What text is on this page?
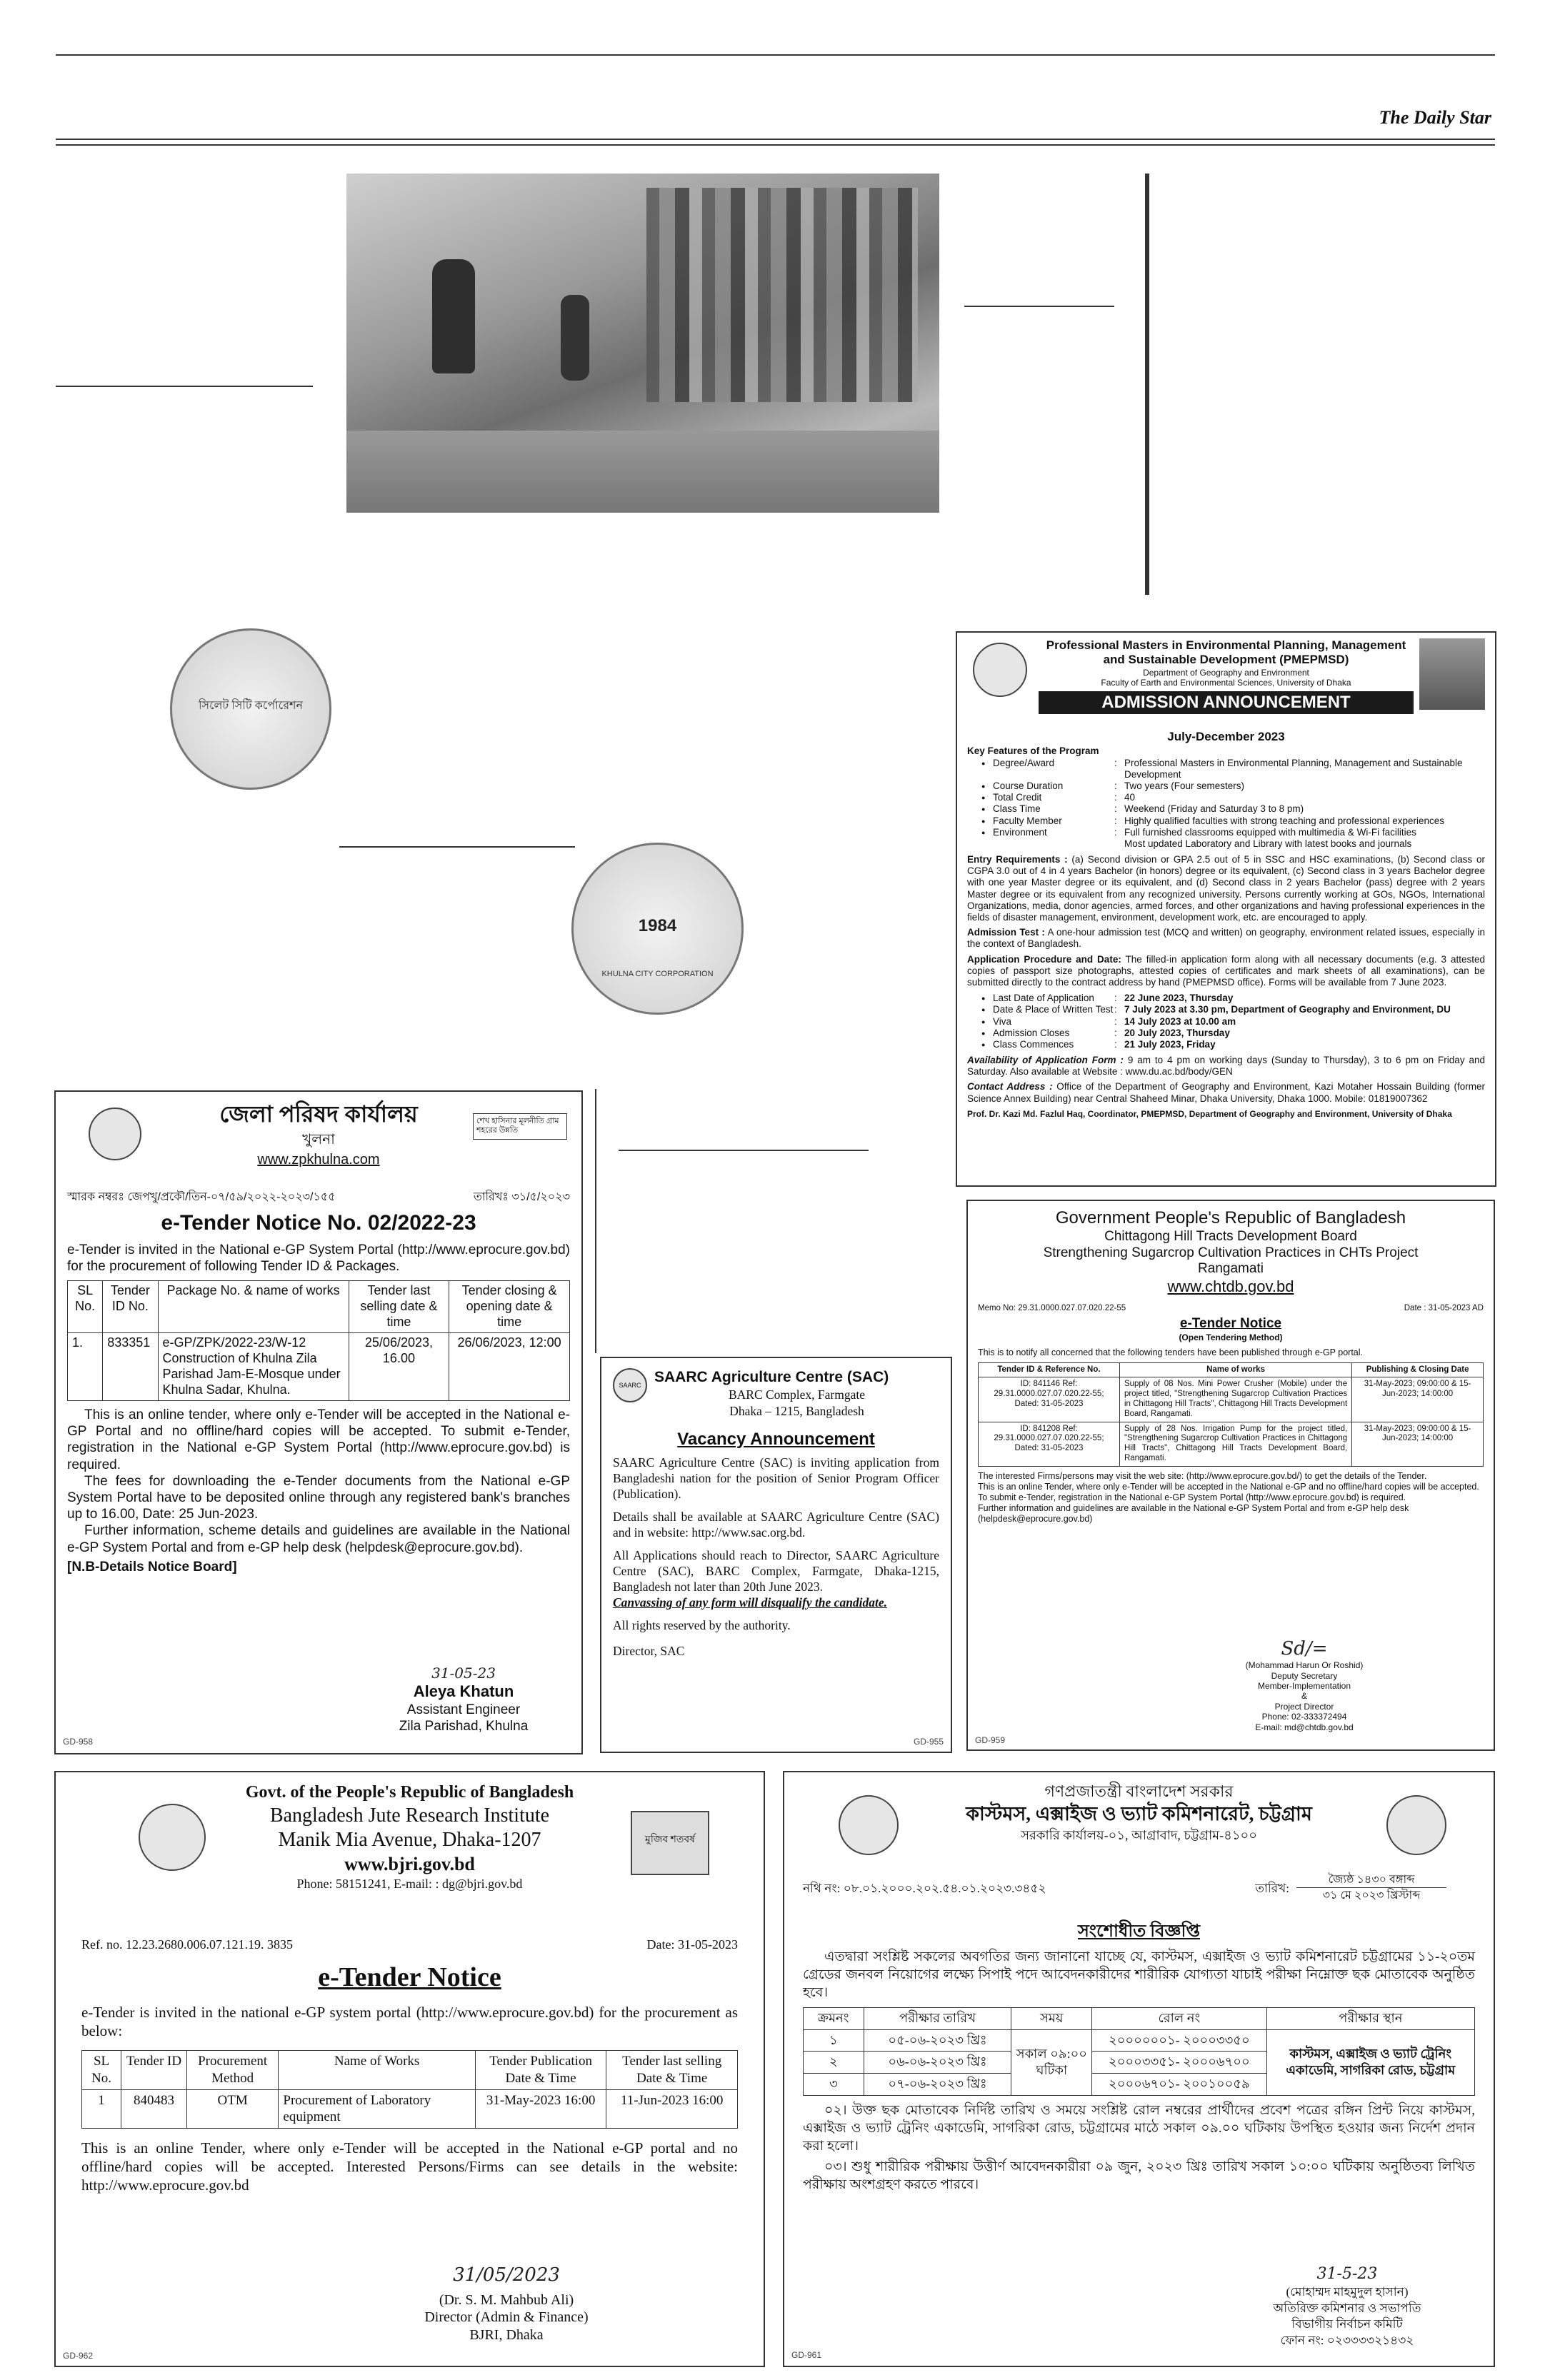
The Daily Star
সিলেট সিটি কর্পোরেশন
1984
KHULNA CITY CORPORATION
জেলা পরিষদ কার্যালয়
খুলনা
www.zpkhulna.com
শেখ হাসিনার মূলনীতি গ্রাম শহরের উন্নতি
স্মারক নম্বরঃ জেপখু/প্রকৌ/তিন-০৭/৫৯/২০২২-২০২৩/১৫৫	তারিখঃ ৩১/৫/২০২৩
e-Tender Notice No. 02/2022-23
e-Tender is invited in the National e-GP System Portal (http://www.eprocure.gov.bd) for the procurement of following Tender ID & Packages.
SL No.	Tender ID No.	Package No. & name of works	Tender last selling date & time	Tender closing & opening date & time
1.	833351	e-GP/ZPK/2022-23/W-12 Construction of Khulna Zila Parishad Jam-E-Mosque under Khulna Sadar, Khulna.	25/06/2023, 16.00	26/06/2023, 12:00
This is an online tender, where only e-Tender will be accepted in the National e-GP Portal and no offline/hard copies will be accepted. To submit e-Tender, registration in the National e-GP System Portal (http://www.eprocure.gov.bd) is required.
The fees for downloading the e-Tender documents from the National e-GP System Portal have to be deposited online through any registered bank's branches up to 16.00, Date: 25 Jun-2023.
Further information, scheme details and guidelines are available in the National e-GP System Portal and from e-GP help desk (helpdesk@eprocure.gov.bd).
[N.B-Details Notice Board]
31-05-23
Aleya Khatun
Assistant Engineer
Zila Parishad, Khulna
GD-958
Professional Masters in Environmental Planning, Management and Sustainable Development (PMEPMSD)
Department of Geography and Environment
Faculty of Earth and Environmental Sciences, University of Dhaka
ADMISSION ANNOUNCEMENT
July-December 2023
Key Features of the Program
● Degree/Award	: Professional Masters in Environmental Planning, Management and Sustainable Development
● Course Duration	: Two years (Four semesters)
● Total Credit	: 40
● Class Time	: Weekend (Friday and Saturday 3 to 8 pm)
● Faculty Member	: Highly qualified faculties with strong teaching and professional experiences
● Environment	: Full furnished classrooms equipped with multimedia & Wi-Fi facilities
Most updated Laboratory and Library with latest books and journals
Entry Requirements : (a) Second division or GPA 2.5 out of 5 in SSC and HSC examinations, (b) Second class or CGPA 3.0 out of 4 in 4 years Bachelor (in honors) degree or its equivalent, (c) Second class in 3 years Bachelor degree with one year Master degree or its equivalent, and (d) Second class in 2 years Bachelor (pass) degree with 2 years Master degree or its equivalent from any recognized university. Persons currently working at GOs, NGOs, International Organizations, media, donor agencies, armed forces, and other organizations and having professional experiences in the fields of disaster management, environment, development work, etc. are encouraged to apply.
Admission Test : A one-hour admission test (MCQ and written) on geography, environment related issues, especially in the context of Bangladesh.
Application Procedure and Date: The filled-in application form along with all necessary documents (e.g. 3 attested copies of passport size photographs, attested copies of certificates and mark sheets of all examinations), can be submitted directly to the contract address by hand (PMEPMSD office). Forms will be available from 7 June 2023.
● Last Date of Application	: 22 June 2023, Thursday
● Date & Place of Written Test : 7 July 2023 at 3.30 pm, Department of Geography and Environment, DU
● Viva	: 14 July 2023 at 10.00 am
● Admission Closes	: 20 July 2023, Thursday
● Class Commences	: 21 July 2023, Friday
Availability of Application Form : 9 am to 4 pm on working days (Sunday to Thursday), 3 to 6 pm on Friday and Saturday. Also available at Website : www.du.ac.bd/body/GEN
Contact Address : Office of the Department of Geography and Environment, Kazi Motaher Hossain Building (former Science Annex Building) near Central Shaheed Minar, Dhaka University, Dhaka 1000. Mobile: 01819007362
Prof. Dr. Kazi Md. Fazlul Haq, Coordinator, PMEPMSD, Department of Geography and Environment, University of Dhaka
Government People's Republic of Bangladesh
Chittagong Hill Tracts Development Board
Strengthening Sugarcrop Cultivation Practices in CHTs Project
Rangamati
www.chtdb.gov.bd
Memo No: 29.31.0000.027.07.020.22-55	Date : 31-05-2023 AD
e-Tender Notice
(Open Tendering Method)
This is to notify all concerned that the following tenders have been published through e-GP portal.
Tender ID & Reference No.	Name of works	Publishing & Closing Date
ID: 841146 Ref: 29.31.0000.027.07.020.22-55; Dated: 31-05-2023	Supply of 08 Nos. Mini Power Crusher (Mobile) under the project titled, "Strengthening Sugarcrop Cultivation Practices in Chittagong Hill Tracts", Chittagong Hill Tracts Development Board, Rangamati.	31-May-2023; 09:00:00 & 15-Jun-2023; 14:00:00
ID: 841208 Ref: 29.31.0000.027.07.020.22-55; Dated: 31-05-2023	Supply of 28 Nos. Irrigation Pump for the project titled, "Strengthening Sugarcrop Cultivation Practices in Chittagong Hill Tracts", Chittagong Hill Tracts Development Board, Rangamati.	31-May-2023; 09:00:00 & 15-Jun-2023; 14:00:00
The interested Firms/persons may visit the web site: (http://www.eprocure.gov.bd/) to get the details of the Tender.
This is an online Tender, where only e-Tender will be accepted in the National e-GP and no offline/hard copies will be accepted. To submit e-Tender, registration in the National e-GP System Portal (http://www.eprocure.gov.bd) is required.
Further information and guidelines are available in the National e-GP System Portal and from e-GP help desk (helpdesk@eprocure.gov.bd)
Sd/=
(Mohammad Harun Or Roshid)
Deputy Secretary
Member-Implementation
&
Project Director
Phone: 02-333372494
E-mail: md@chtdb.gov.bd
GD-959
SAARC SAARC Agriculture Centre (SAC)
BARC Complex, Farmgate
Dhaka – 1215, Bangladesh
Vacancy Announcement
SAARC Agriculture Centre (SAC) is inviting application from Bangladeshi nation for the position of Senior Program Officer (Publication).
Details shall be available at SAARC Agriculture Centre (SAC) and in website: http://www.sac.org.bd.
All Applications should reach to Director, SAARC Agriculture Centre (SAC), BARC Complex, Farmgate, Dhaka-1215, Bangladesh not later than 20th June 2023.
Canvassing of any form will disqualify the candidate.
All rights reserved by the authority.
Director, SAC
GD-955
মুজিব শতবর্ষ
Govt. of the People's Republic of Bangladesh
Bangladesh Jute Research Institute
Manik Mia Avenue, Dhaka-1207
www.bjri.gov.bd
Phone: 58151241, E-mail: : dg@bjri.gov.bd
Ref. no. 12.23.2680.006.07.121.19. 3835	Date: 31-05-2023
e-Tender Notice
e-Tender is invited in the national e-GP system portal (http://www.eprocure.gov.bd) for the procurement as below:
SL No.	Tender ID	Procurement Method	Name of Works	Tender Publication Date & Time	Tender last selling Date & Time
1	840483	OTM	Procurement of Laboratory equipment	31-May-2023 16:00	11-Jun-2023 16:00
This is an online Tender, where only e-Tender will be accepted in the National e-GP portal and no offline/hard copies will be accepted. Interested Persons/Firms can see details in the website: http://www.eprocure.gov.bd
31/05/2023
(Dr. S. M. Mahbub Ali)
Director (Admin & Finance)
BJRI, Dhaka
GD-962
গণপ্রজাতন্ত্রী বাংলাদেশ সরকার
কাস্টমস, এক্সাইজ ও ভ্যাট কমিশনারেট, চট্টগ্রাম
সরকারি কার্যালয়-০১, আগ্রাবাদ, চট্টগ্রাম-৪১০০
নথি নং: ০৮.০১.২০০০.২০২.৫৪.০১.২০২৩.৩৪৫২	তারিখ:
জ্যৈষ্ঠ ১৪৩০ বঙ্গাব্দ
৩১ মে ২০২৩ খ্রিস্টাব্দ
সংশোধীত বিজ্ঞপ্তি
এতদ্বারা সংশ্লিষ্ট সকলের অবগতির জন্য জানানো যাচ্ছে যে, কাস্টমস, এক্সাইজ ও ভ্যাট কমিশনারেট চট্টগ্রামের ১১-২০তম গ্রেডের জনবল নিয়োগের লক্ষ্যে সিপাই পদে আবেদনকারীদের শারীরিক যোগ্যতা যাচাই পরীক্ষা নিম্নোক্ত ছক মোতাবেক অনুষ্ঠিত হবে।
ক্রমনং	পরীক্ষার তারিখ	সময়	রোল নং	পরীক্ষার স্থান
১	০৫-০৬-২০২৩ খ্রিঃ	সকাল ০৯:০০ ঘটিকা	২০০০০০০১- ২০০০৩৩৫০	কাস্টমস, এক্সাইজ ও ভ্যাট ট্রেনিং একাডেমি, সাগরিকা রোড, চট্টগ্রাম
২	০৬-০৬-২০২৩ খ্রিঃ		২০০০৩৩৫১- ২০০০৬৭০০	
৩	০৭-০৬-২০২৩ খ্রিঃ		২০০০৬৭০১- ২০০১০০৫৯	
০২। উক্ত ছক মোতাবেক নির্দিষ্ট তারিখ ও সময়ে সংশ্লিষ্ট রোল নম্বরের প্রার্থীদের প্রবেশ পত্রের রঙ্গিন প্রিন্ট নিয়ে কাস্টমস, এক্সাইজ ও ভ্যাট ট্রেনিং একাডেমি, সাগরিকা রোড, চট্টগ্রামের মাঠে সকাল ০৯.০০ ঘটিকায় উপস্থিত হওয়ার জন্য নির্দেশ প্রদান করা হলো।
০৩। শুধু শারীরিক পরীক্ষায় উত্তীর্ণ আবেদনকারীরা ০৯ জুন, ২০২৩ খ্রিঃ তারিখ সকাল ১০:০০ ঘটিকায় অনুষ্ঠিতব্য লিখিত পরীক্ষায় অংশগ্রহণ করতে পারবে।
31-5-23
(মোহাম্মদ মাহমুদুল হাসান)
অতিরিক্ত কমিশনার ও সভাপতি
বিভাগীয় নির্বাচন কমিটি
ফোন নং: ০২৩৩৩৩২১৪৩২
GD-961
